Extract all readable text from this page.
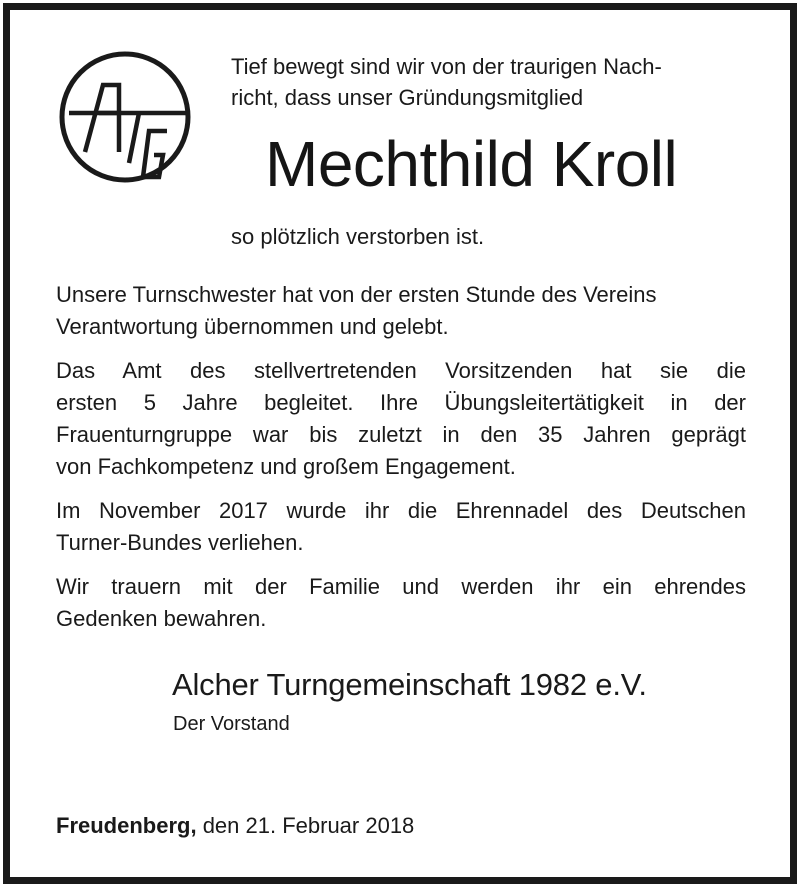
Tief bewegt sind wir von der traurigen Nach-
richt, dass unser Gründungsmitglied
Mechthild Kroll
so plötzlich verstorben ist.
Unsere Turnschwester hat von der ersten Stunde des Vereins
Verantwortung übernommen und gelebt.
Das Amt des stellvertretenden Vorsitzenden hat sie die
ersten 5 Jahre begleitet. Ihre Übungsleitertätigkeit in der
Frauenturngruppe war bis zuletzt in den 35 Jahren geprägt
von Fachkompetenz und großem Engagement.
Im November 2017 wurde ihr die Ehrennadel des Deutschen
Turner-Bundes verliehen.
Wir trauern mit der Familie und werden ihr ein ehrendes
Gedenken bewahren.
Alcher Turngemeinschaft 1982 e.V.
Der Vorstand
Freudenberg, den 21. Februar 2018
